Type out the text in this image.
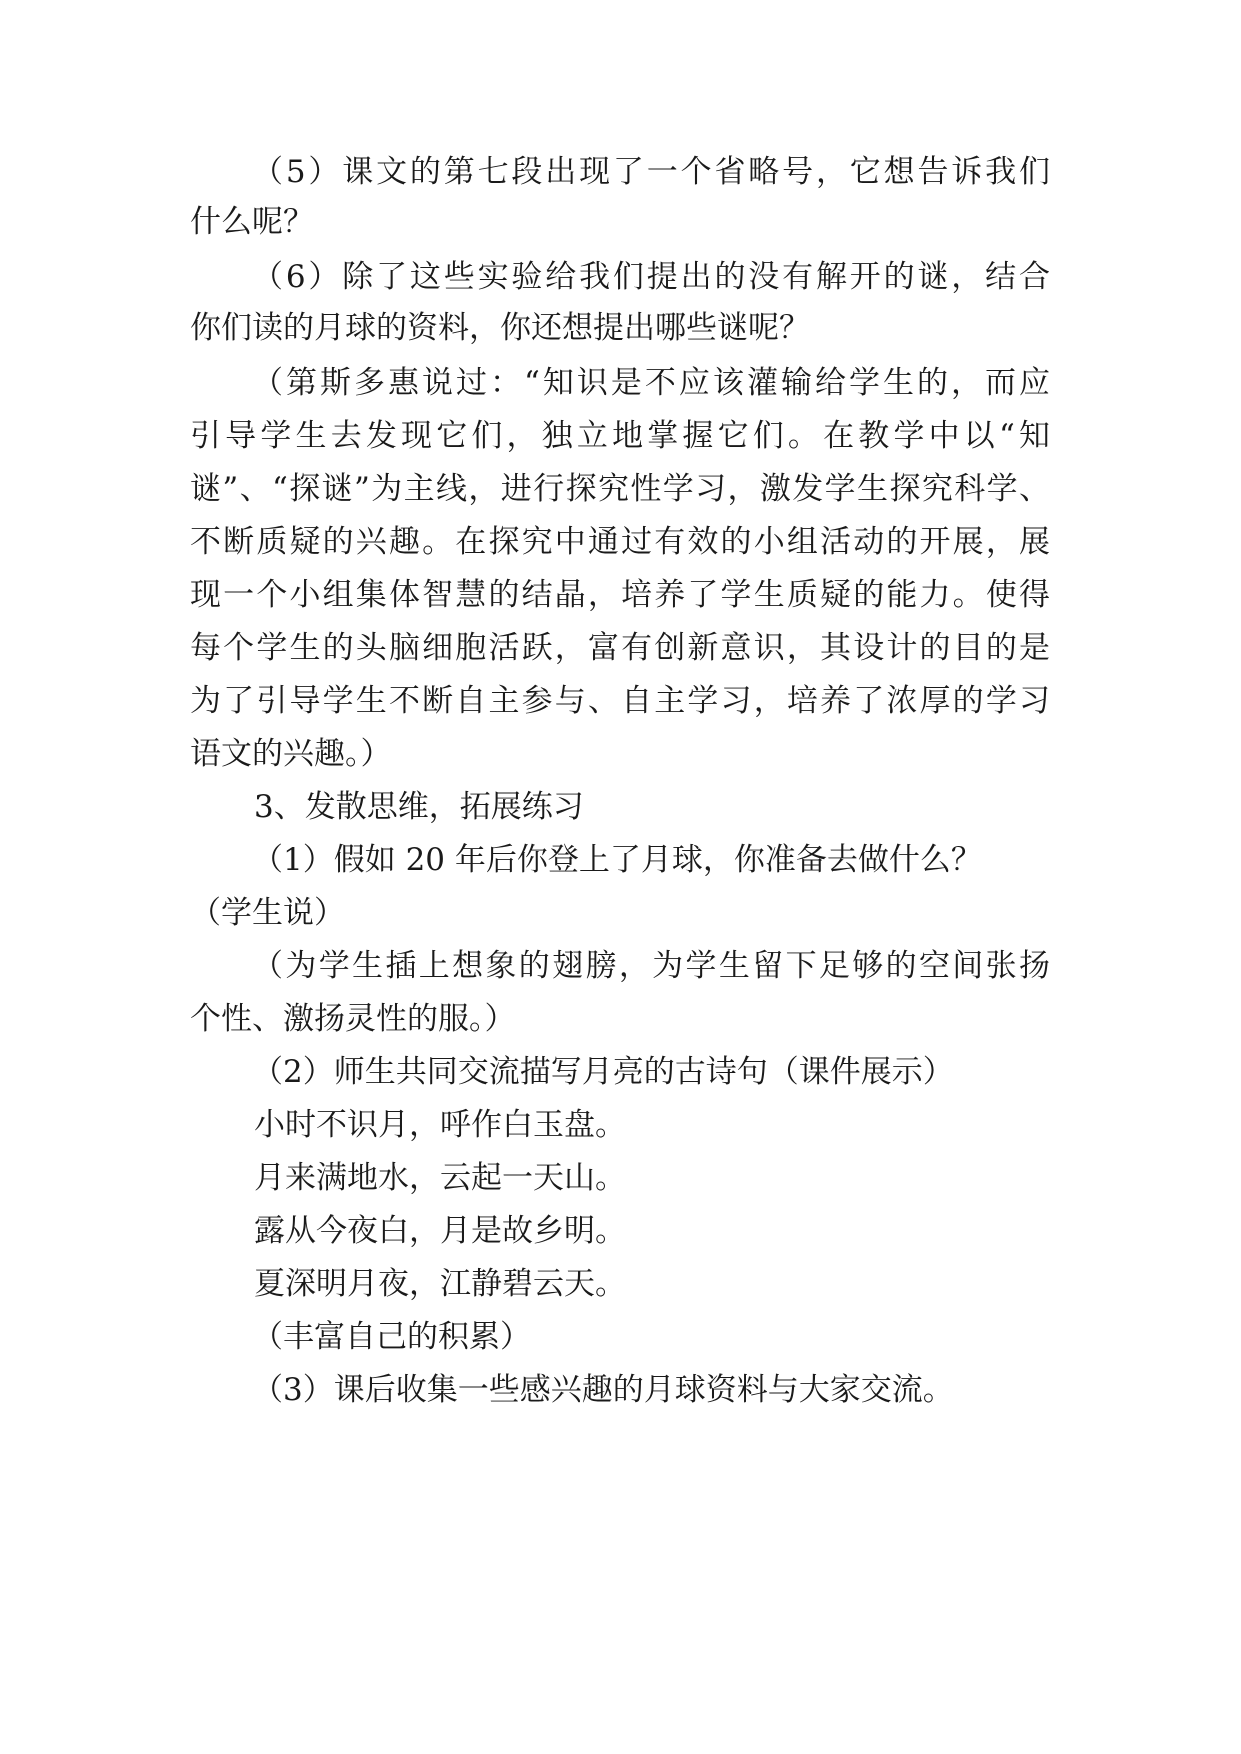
（5）课文的第七段出现了一个省略号，它想告诉我们
什么呢？
（6）除了这些实验给我们提出的没有解开的谜，结合
你们读的月球的资料，你还想提出哪些谜呢？
（第斯多惠说过：“知识是不应该灌输给学生的，而应
引导学生去发现它们，独立地掌握它们。在教学中以“知
谜”、“探谜”为主线，进行探究性学习，激发学生探究科学、
不断质疑的兴趣。在探究中通过有效的小组活动的开展，展
现一个小组集体智慧的结晶，培养了学生质疑的能力。使得
每个学生的头脑细胞活跃，富有创新意识，其设计的目的是
为了引导学生不断自主参与、自主学习，培养了浓厚的学习
语文的兴趣。）
3、发散思维，拓展练习
（1）假如 20 年后你登上了月球，你准备去做什么？
（学生说）
（为学生插上想象的翅膀，为学生留下足够的空间张扬
个性、激扬灵性的服。）
（2）师生共同交流描写月亮的古诗句（课件展示）
小时不识月，呼作白玉盘。
月来满地水，云起一天山。
露从今夜白，月是故乡明。
夏深明月夜，江静碧云天。
（丰富自己的积累）
（3）课后收集一些感兴趣的月球资料与大家交流。
